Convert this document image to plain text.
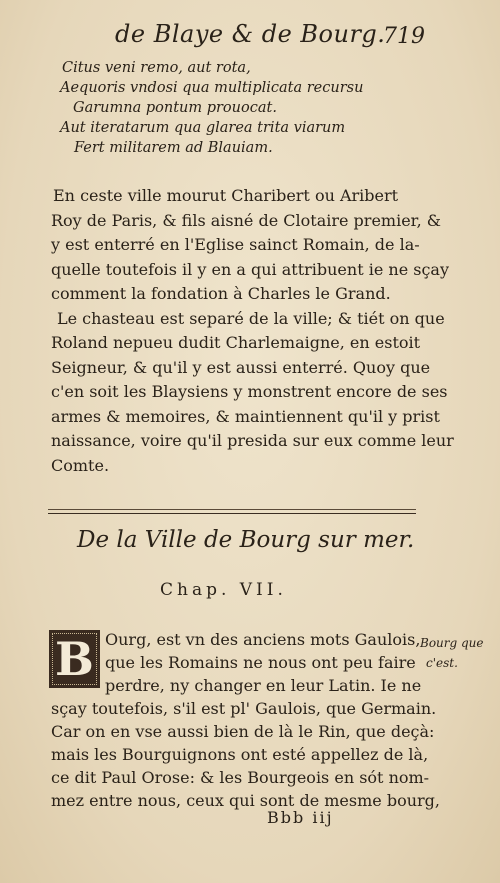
de Blaye & de Bourg.
719
Citus veni remo, aut rota,
Aequoris vndosi qua multiplicata recursu
Garumna pontum prouocat.
Aut iteratarum qua glarea trita viarum
Fert militarem ad Blauiam.
En ceste ville mourut Charibert ou Aribert
Roy de Paris, & fils aisné de Clotaire premier, &
y est enterré en l'Eglise sainct Romain, de la-
quelle toutefois il y en a qui attribuent ie ne sçay
comment la fondation à Charles le Grand.
Le chasteau est separé de la ville; & tiét on que
Roland nepueu dudit Charlemaigne, en estoit
Seigneur, & qu'il y est aussi enterré. Quoy que
c'en soit les Blaysiens y monstrent encore de ses
armes & memoires, & maintiennent qu'il y prist
naissance, voire qu'il presida sur eux comme leur
Comte.
De la Ville de Bourg sur mer.
Chap. VII.
B Ourg, est vn des anciens mots Gaulois,
que les Romains ne nous ont peu faire
perdre, ny changer en leur Latin. Ie ne
sçay toutefois, s'il est pl' Gaulois, que Germain.
Car on en vse aussi bien de là le Rin, que deçà:
mais les Bourguignons ont esté appellez de là,
ce dit Paul Orose: & les Bourgeois en sót nom-
mez entre nous, ceux qui sont de mesme bourg,
Bourg que
c'est.
Bbb iij
